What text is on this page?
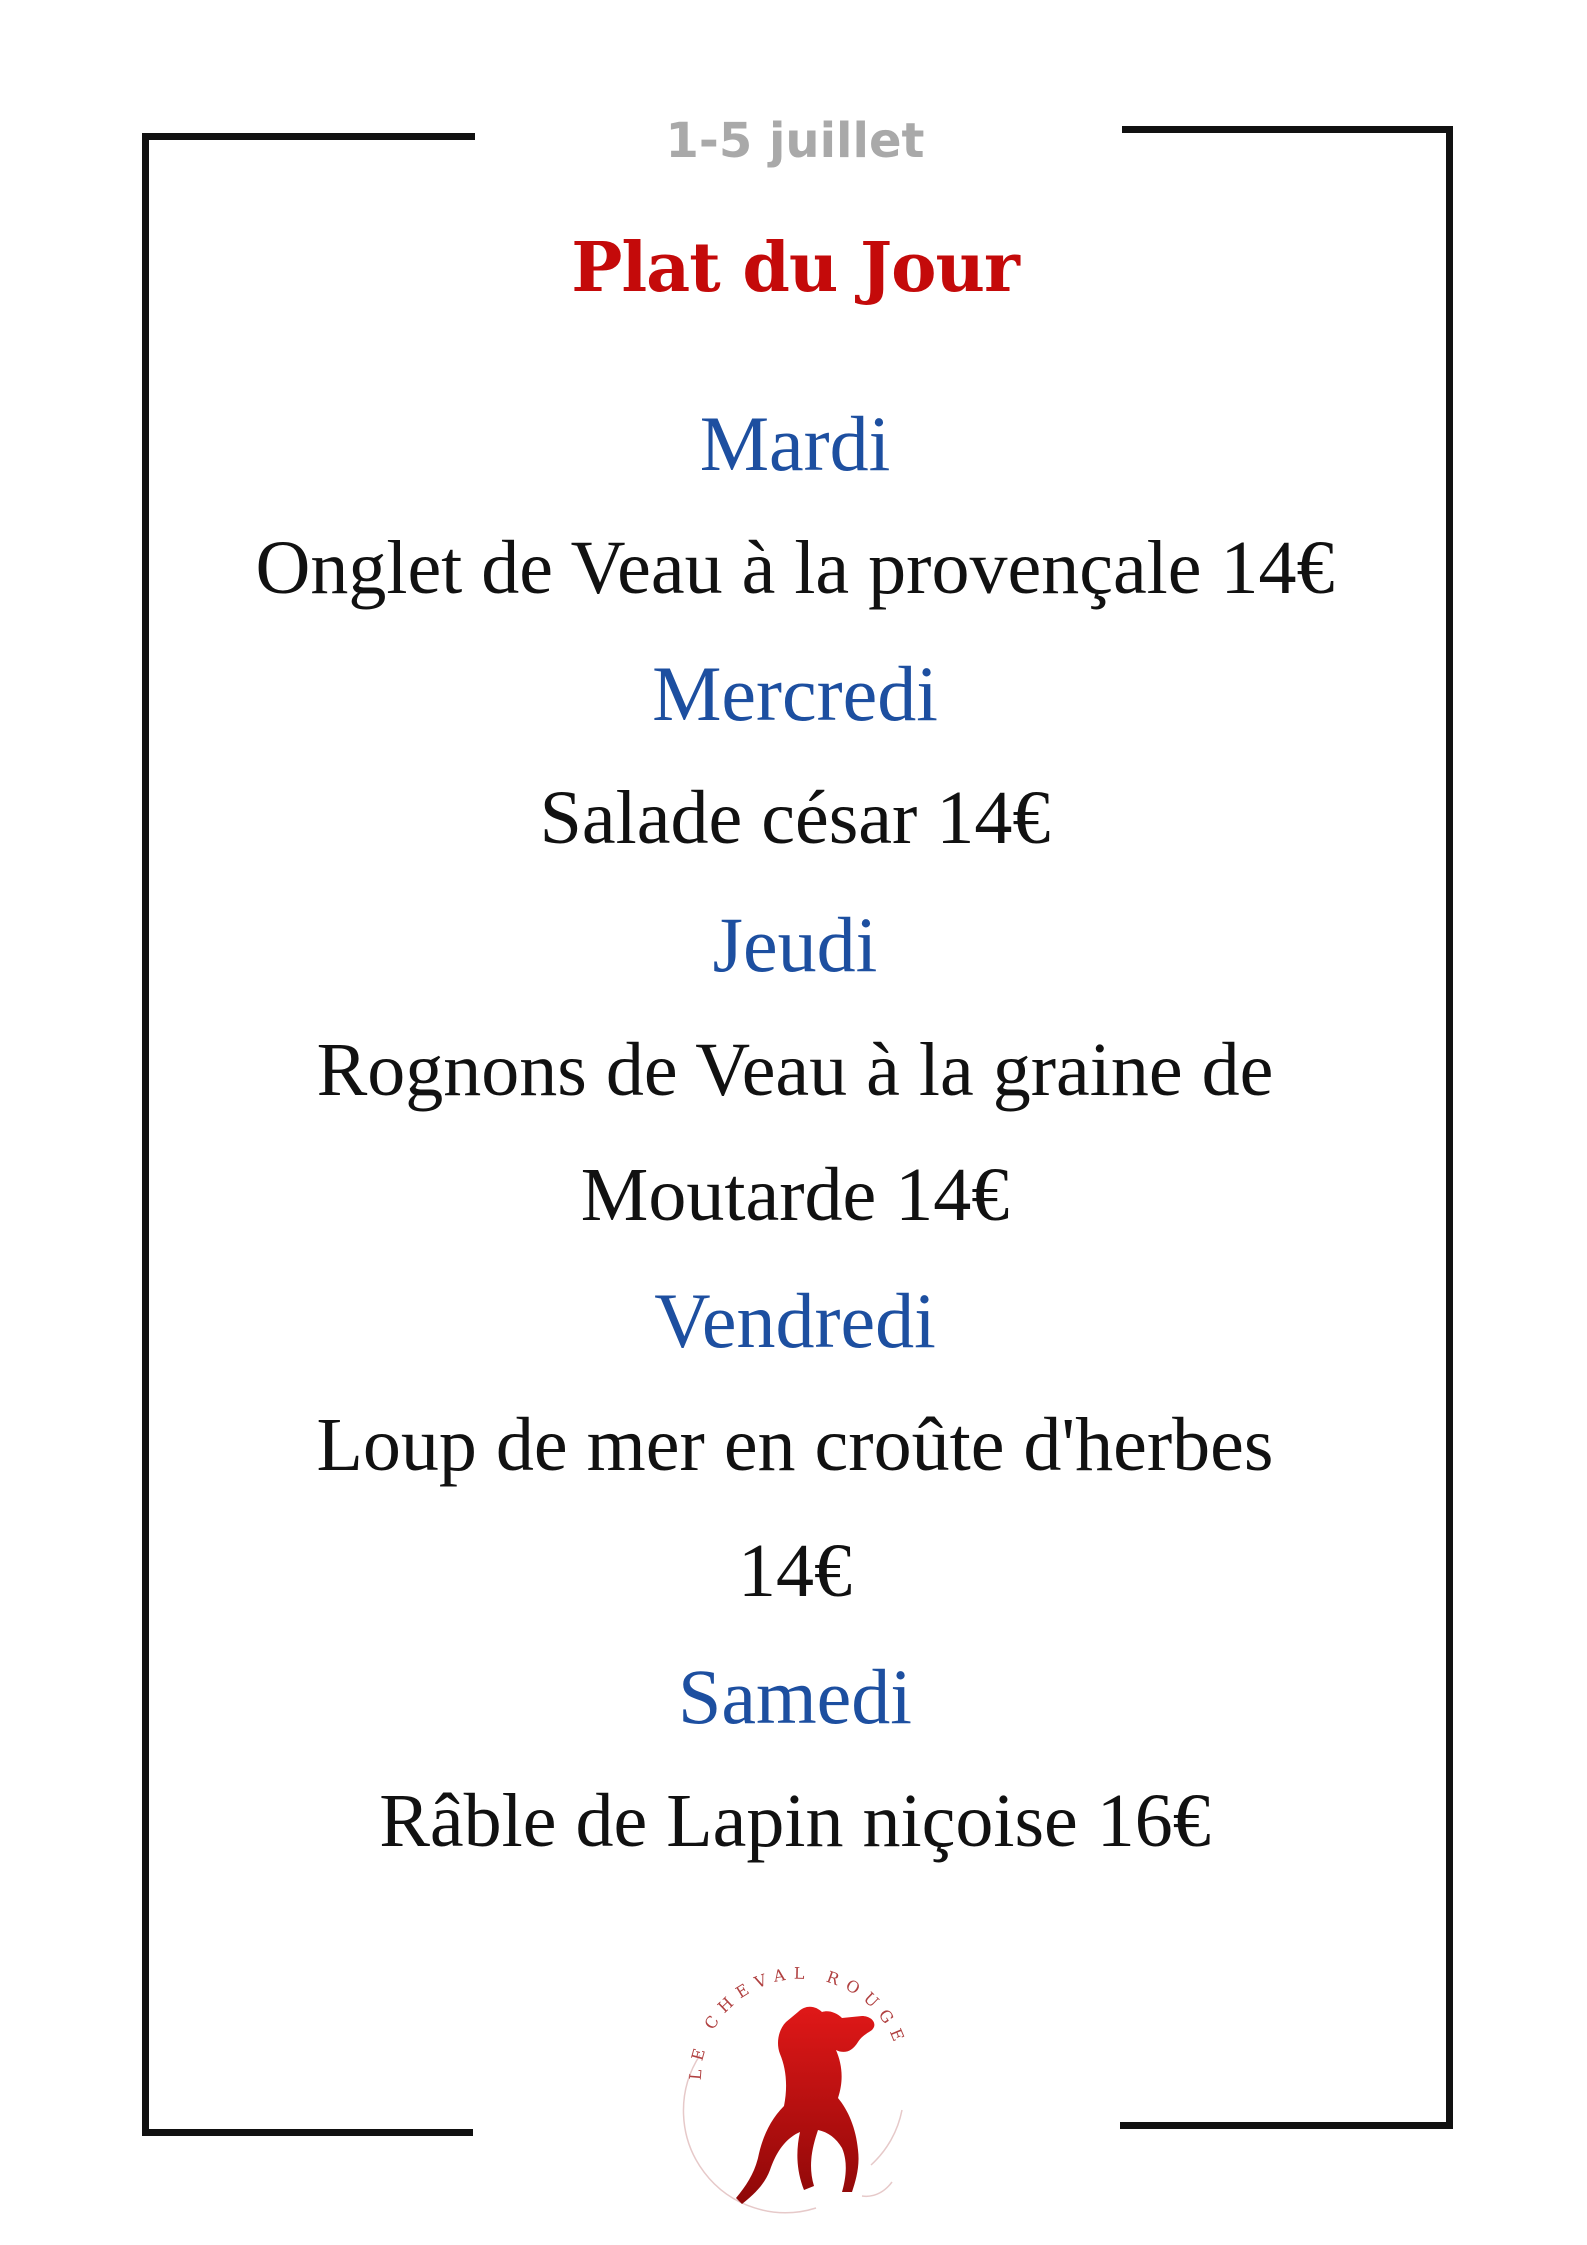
1-5 juillet
Plat du Jour
Mardi
Onglet de Veau à la provençale 14€
Mercredi
Salade césar 14€
Jeudi
Rognons de Veau à la graine de
Moutarde 14€
Vendredi
Loup de mer en croûte d'herbes
14€
Samedi
Râble de Lapin niçoise 16€
LE CHEVAL ROUGE
